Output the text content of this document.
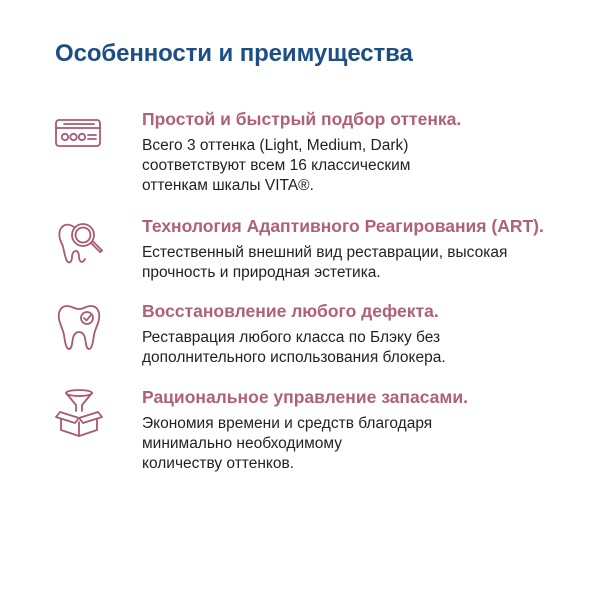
Особенности и преимущества
Простой и быстрый подбор оттенка.

Всего 3 оттенка (Light, Medium, Dark)
соответствуют всем 16 классическим
оттенкам шкалы VITA®.

Технология Адаптивного Реагирования (ART).

Естественный внешний вид реставрации, высокая
прочность и природная эстетика.

Восстановление любого дефекта.

Реставрация любого класса по Блэку без
дополнительного использования блокера.

Рациональное управление запасами.

Экономия времени и средств благодаря
минимально необходимому
количеству оттенков.
